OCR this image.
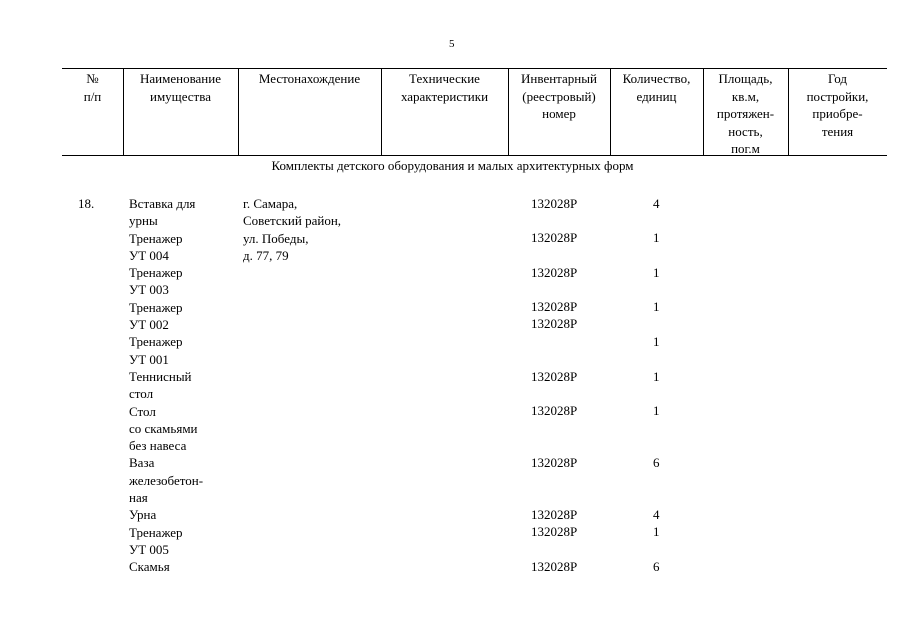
5
№
п/п
Наименование
имущества
Местонахождение	Технические
характеристики
Инвентарный
(реестровый)
номер
Количество,
единиц
Площадь,
кв.м,
протяжен-
ность,
пог.м
Год
постройки,
приобре-
тения
Комплекты детского оборудования и малых архитектурных форм
18.	г. Самара,
Советский район,
ул. Победы,
д. 77, 79
Вставка для
урны
Тренажер
УТ 004
Тренажер
УТ 003
Тренажер
УТ 002
Тренажер
УТ 001
Теннисный
стол
Стол
со скамьями
без навеса
Ваза
железобетон-
ная
Урна
Тренажер
УТ 005
Скамья
132028Р
132028Р
132028Р
132028Р
132028Р
132028Р
132028Р
132028Р
132028Р
132028Р
132028Р
4
1
1
1
1
1
1
6
4
1
6
